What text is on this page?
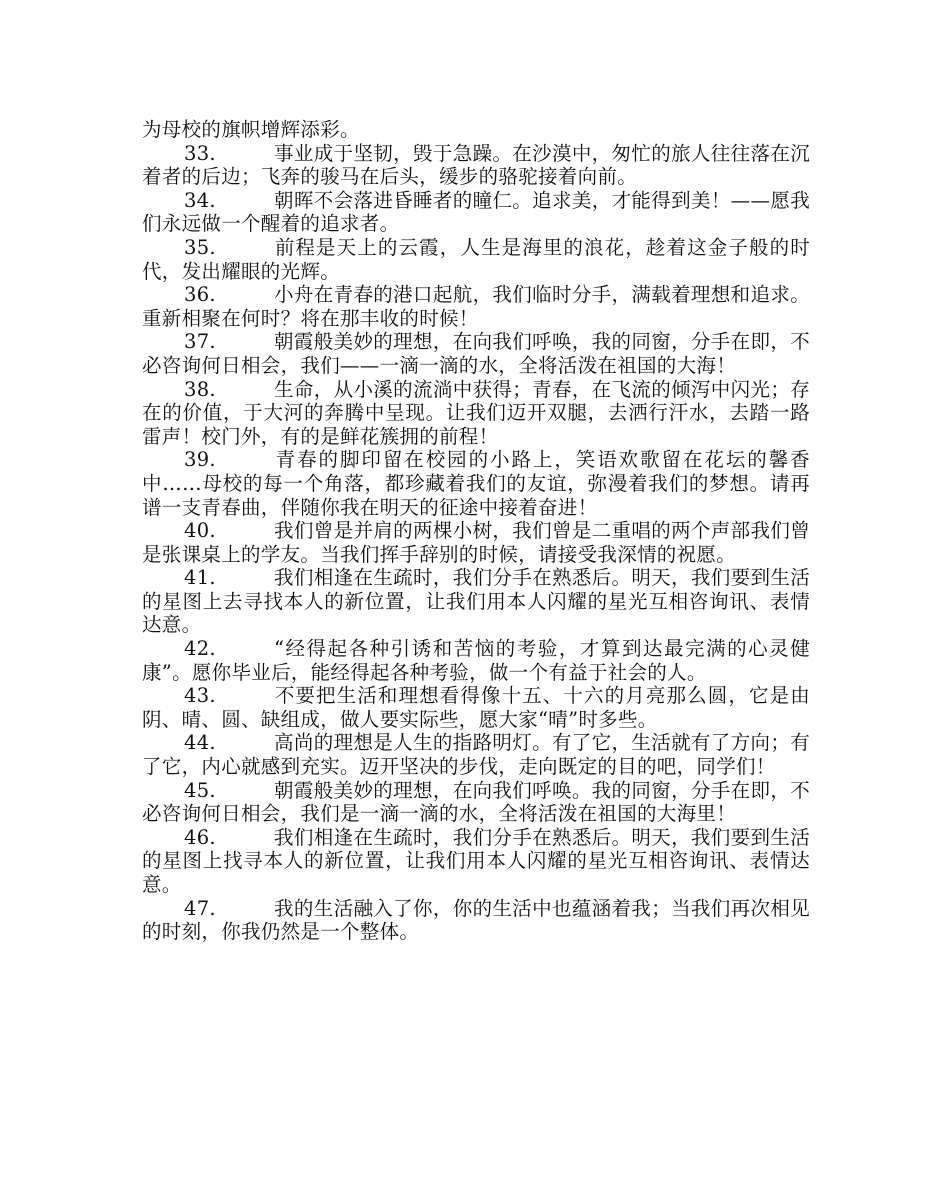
为母校的旗帜增辉添彩。

33.	事业成于坚韧，毁于急躁。在沙漠中，匆忙的旅人往往落在沉着者的后边；飞奔的骏马在后头，缓步的骆驼接着向前。

34.	朝晖不会落进昏睡者的瞳仁。追求美，才能得到美！——愿我们永远做一个醒着的追求者。

35.	前程是天上的云霞，人生是海里的浪花，趁着这金子般的时代，发出耀眼的光辉。

36.	小舟在青春的港口起航，我们临时分手，满载着理想和追求。重新相聚在何时？将在那丰收的时候！

37.	朝霞般美妙的理想，在向我们呼唤，我的同窗，分手在即，不必咨询何日相会，我们——一滴一滴的水，全将活泼在祖国的大海！

38.	生命，从小溪的流淌中获得；青春，在飞流的倾泻中闪光；存在的价值，于大河的奔腾中呈现。让我们迈开双腿，去洒行汗水，去踏一路雷声！校门外，有的是鲜花簇拥的前程！

39.	青春的脚印留在校园的小路上，笑语欢歌留在花坛的馨香中……母校的每一个角落，都珍藏着我们的友谊，弥漫着我们的梦想。请再谱一支青春曲，伴随你我在明天的征途中接着奋进！

40.	我们曾是并肩的两棵小树，我们曾是二重唱的两个声部我们曾是张课桌上的学友。当我们挥手辞别的时候，请接受我深情的祝愿。

41.	我们相逢在生疏时，我们分手在熟悉后。明天，我们要到生活的星图上去寻找本人的新位置，让我们用本人闪耀的星光互相咨询讯、表情达意。

42.	“经得起各种引诱和苦恼的考验，才算到达最完满的心灵健康”。愿你毕业后，能经得起各种考验，做一个有益于社会的人。

43.	不要把生活和理想看得像十五、十六的月亮那么圆，它是由阴、晴、圆、缺组成，做人要实际些，愿大家“晴”时多些。

44.	高尚的理想是人生的指路明灯。有了它，生活就有了方向；有了它，内心就感到充实。迈开坚决的步伐，走向既定的目的吧，同学们！

45.	朝霞般美妙的理想，在向我们呼唤。我的同窗，分手在即，不必咨询何日相会，我们是一滴一滴的水，全将活泼在祖国的大海里！

46.	我们相逢在生疏时，我们分手在熟悉后。明天，我们要到生活的星图上找寻本人的新位置，让我们用本人闪耀的星光互相咨询讯、表情达意。

47.	我的生活融入了你，你的生活中也蕴涵着我；当我们再次相见的时刻，你我仍然是一个整体。
